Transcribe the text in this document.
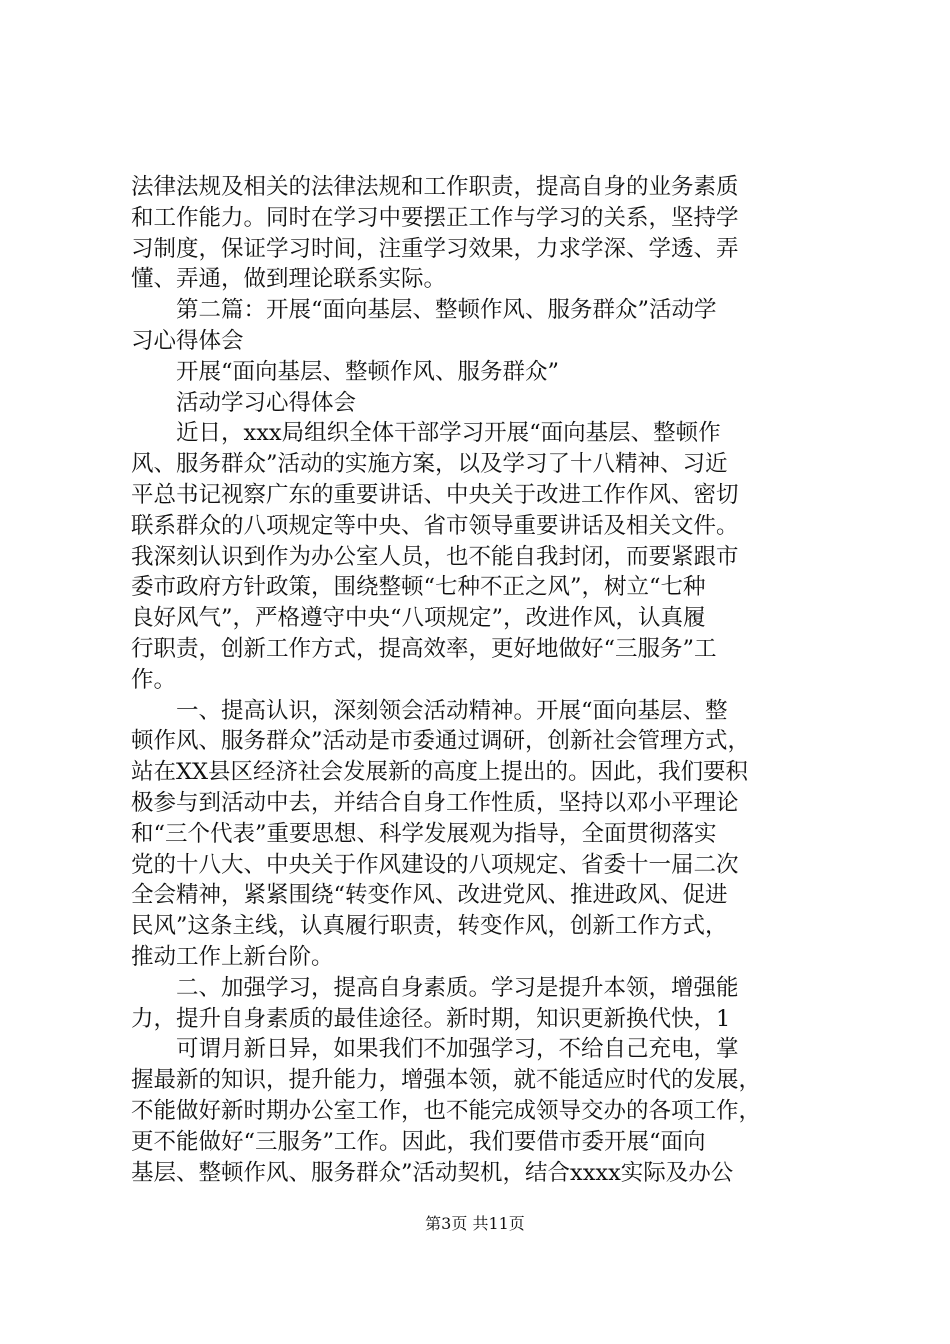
法律法规及相关的法律法规和工作职责，提高自身的业务素质
和工作能力。同时在学习中要摆正工作与学习的关系，坚持学
习制度，保证学习时间，注重学习效果，力求学深、学透、弄
懂、弄通，做到理论联系实际。
　　第二篇：开展“面向基层、整顿作风、服务群众”活动学
习心得体会
　　开展“面向基层、整顿作风、服务群众”
　　活动学习心得体会
　　近日，xxx局组织全体干部学习开展“面向基层、整顿作
风、服务群众”活动的实施方案，以及学习了十八精神、习近
平总书记视察广东的重要讲话、中央关于改进工作作风、密切
联系群众的八项规定等中央、省市领导重要讲话及相关文件。
我深刻认识到作为办公室人员，也不能自我封闭，而要紧跟市
委市政府方针政策，围绕整顿“七种不正之风”，树立“七种
良好风气”，严格遵守中央“八项规定”，改进作风，认真履
行职责，创新工作方式，提高效率，更好地做好“三服务”工
作。
　　一、提高认识，深刻领会活动精神。开展“面向基层、整
顿作风、服务群众”活动是市委通过调研，创新社会管理方式，
站在XX县区经济社会发展新的高度上提出的。因此，我们要积
极参与到活动中去，并结合自身工作性质，坚持以邓小平理论
和“三个代表”重要思想、科学发展观为指导，全面贯彻落实
党的十八大、中央关于作风建设的八项规定、省委十一届二次
全会精神，紧紧围绕“转变作风、改进党风、推进政风、促进
民风”这条主线，认真履行职责，转变作风，创新工作方式，
推动工作上新台阶。
　　二、加强学习，提高自身素质。学习是提升本领，增强能
力，提升自身素质的最佳途径。新时期，知识更新换代快，1
　　可谓月新日异，如果我们不加强学习，不给自己充电，掌
握最新的知识，提升能力，增强本领，就不能适应时代的发展，
不能做好新时期办公室工作，也不能完成领导交办的各项工作，
更不能做好“三服务”工作。因此，我们要借市委开展“面向
基层、整顿作风、服务群众”活动契机，结合xxxx实际及办公
第3页 共11页
